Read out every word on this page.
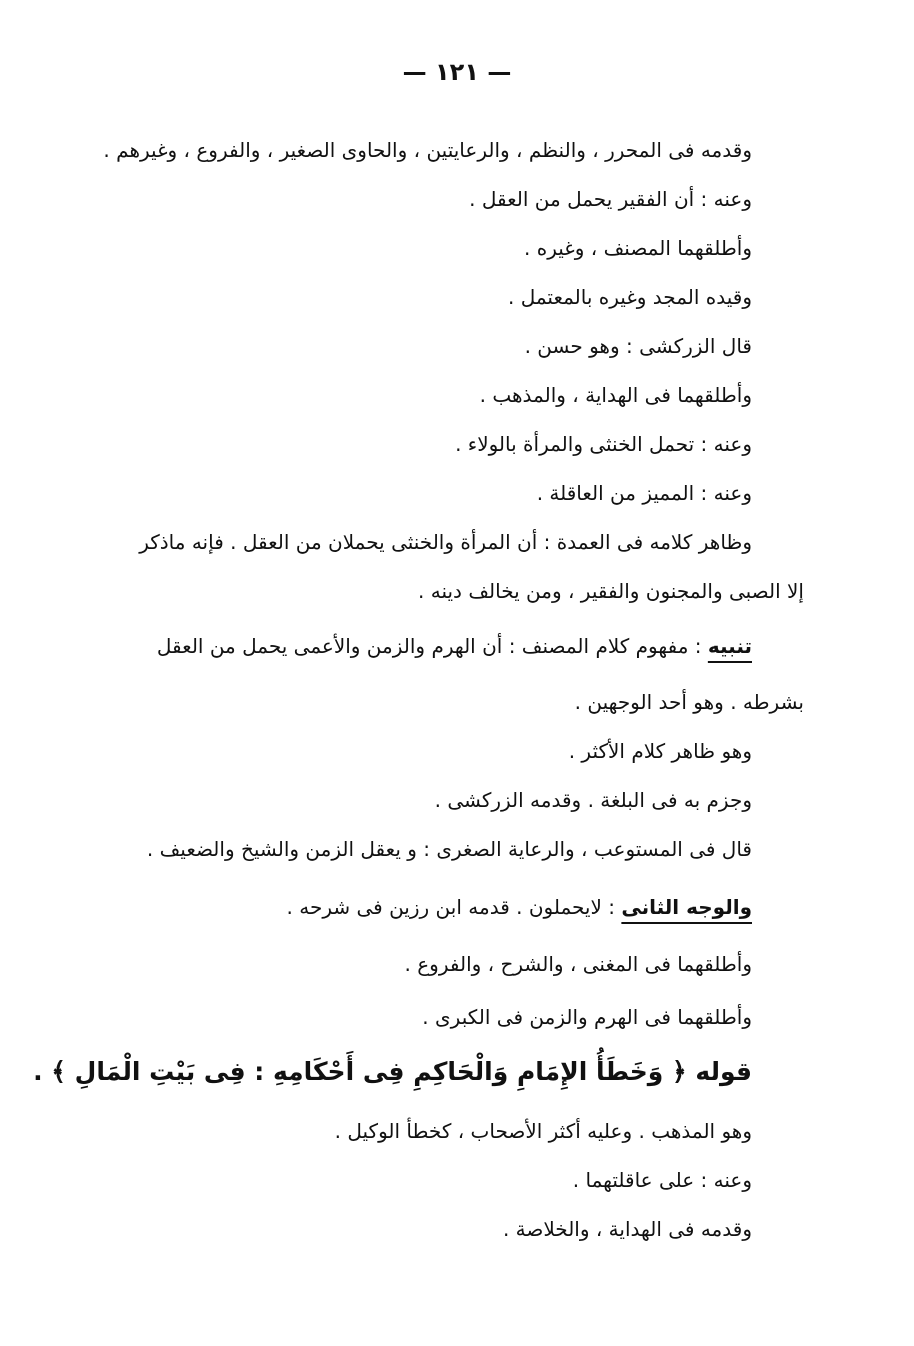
— ١٢١ —
وقدمه فى المحرر ، والنظم ، والرعايتين ، والحاوى الصغير ، والفروع ، وغيرهم .
وعنه : أن الفقير يحمل من العقل .
وأطلقهما المصنف ، وغيره .
وقيده المجد وغيره بالمعتمل .
قال الزركشى : وهو حسن .
وأطلقهما فى الهداية ، والمذهب .
وعنه : تحمل الخنثى والمرأة بالولاء .
وعنه : المميز من العاقلة .
وظاهر كلامه فى العمدة : أن المرأة والخنثى يحملان من العقل . فإنه ماذكر
إلا الصبى والمجنون والفقير ، ومن يخالف دينه .
تنبيه : مفهوم كلام المصنف : أن الهرم والزمن والأعمى يحمل من العقل
بشرطه . وهو أحد الوجهين .
وهو ظاهر كلام الأكثر .
وجزم به فى البلغة . وقدمه الزركشى .
قال فى المستوعب ، والرعاية الصغرى : و يعقل الزمن والشيخ والضعيف .
والوجه الثانى : لايحملون . قدمه ابن رزين فى شرحه .
وأطلقهما فى المغنى ، والشرح ، والفروع .
وأطلقهما فى الهرم والزمن فى الكبرى .
قوله ﴿ وَخَطَأُ الإِمَامِ وَالْحَاكِمِ فِى أَحْكَامِهِ : فِى بَيْتِ الْمَالِ ﴾ .
وهو المذهب . وعليه أكثر الأصحاب ، كخطأ الوكيل .
وعنه : على عاقلتهما .
وقدمه فى الهداية ، والخلاصة .
